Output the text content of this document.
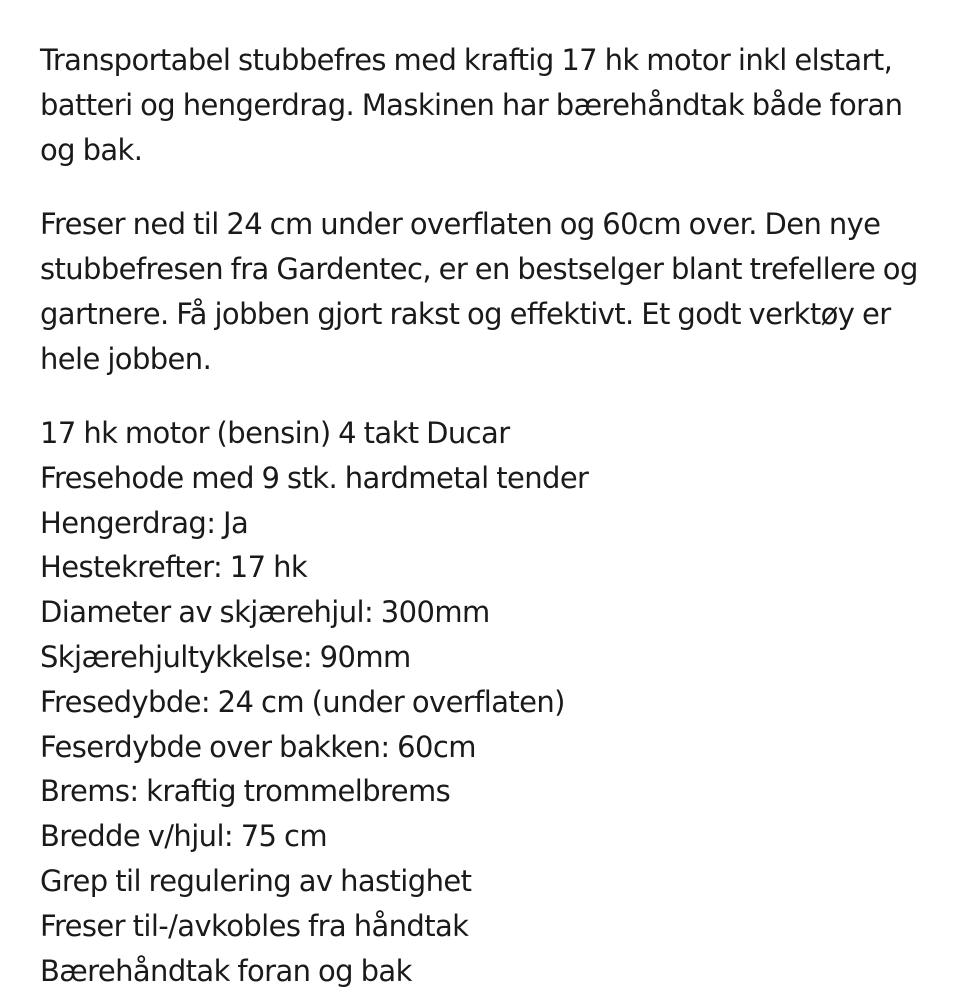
Transportabel stubbefres med kraftig 17 hk motor inkl elstart, batteri og hengerdrag. Maskinen har bærehåndtak både foran og bak.

Freser ned til 24 cm under overflaten og 60cm over. Den nye stubbefresen fra Gardentec, er en bestselger blant trefellere og gartnere. Få jobben gjort rakst og effektivt. Et godt verktøy er hele jobben.

17 hk motor (bensin) 4 takt Ducar
Fresehode med 9 stk. hardmetal tender
Hengerdrag: Ja
Hestekrefter: 17 hk
Diameter av skjærehjul: 300mm
Skjærehjultykkelse: 90mm
Fresedybde: 24 cm (under overflaten)
Feserdybde over bakken: 60cm
Brems: kraftig trommelbrems
Bredde v/hjul: 75 cm
Grep til regulering av hastighet
Freser til-/avkobles fra håndtak
Bærehåndtak foran og bak
